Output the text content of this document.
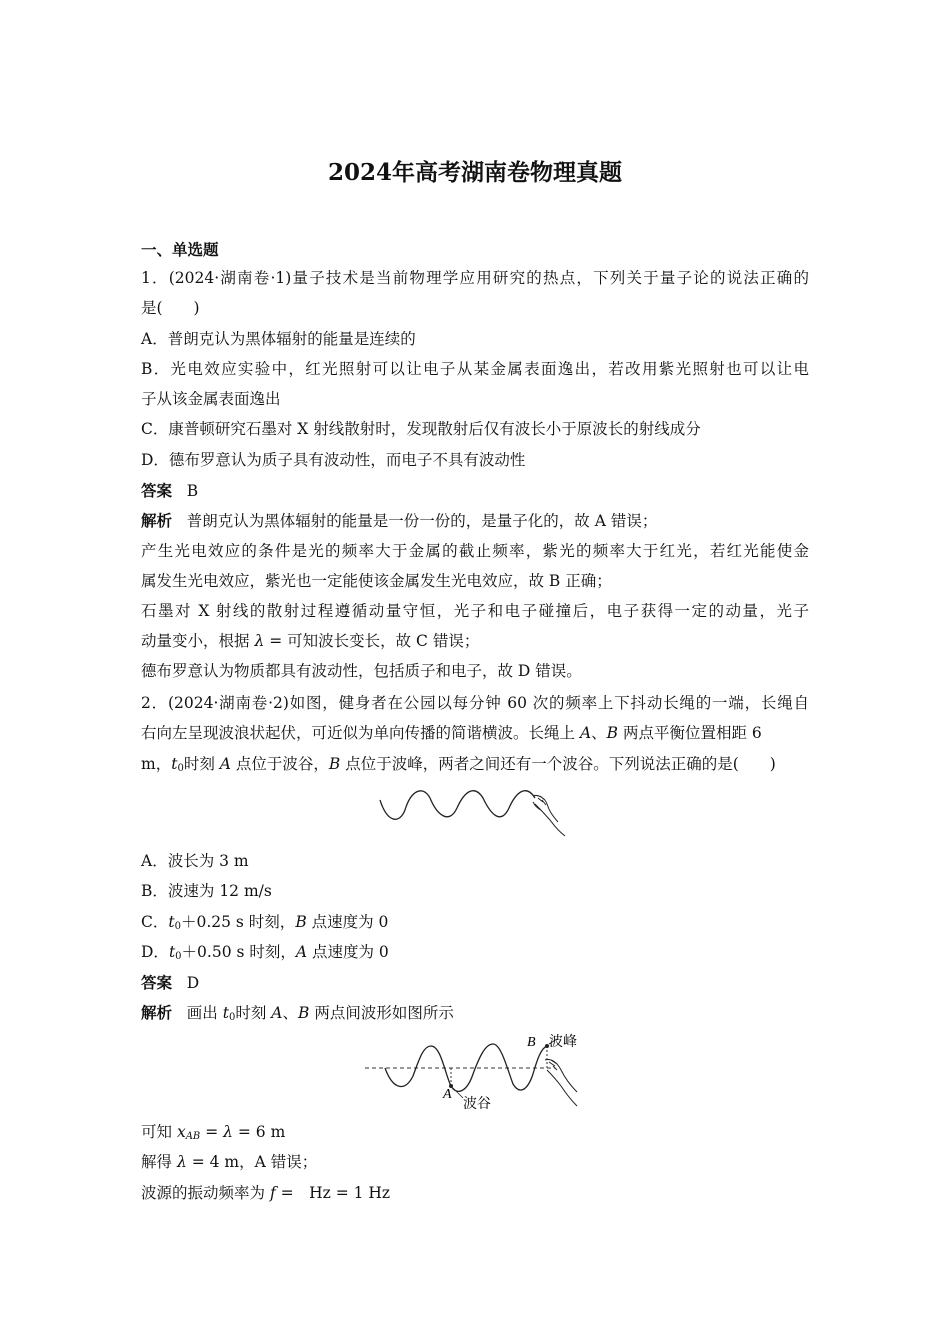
2024年高考湖南卷物理真题
一、单选题
1．(2024·湖南卷·1)量子技术是当前物理学应用研究的热点，下列关于量子论的说法正确的
是(　　)
A．普朗克认为黑体辐射的能量是连续的
B．光电效应实验中，红光照射可以让电子从某金属表面逸出，若改用紫光照射也可以让电
子从该金属表面逸出
C．康普顿研究石墨对 X 射线散射时，发现散射后仅有波长小于原波长的射线成分
D．德布罗意认为质子具有波动性，而电子不具有波动性
答案 B
解析 普朗克认为黑体辐射的能量是一份一份的，是量子化的，故 A 错误；
产生光电效应的条件是光的频率大于金属的截止频率，紫光的频率大于红光，若红光能使金
属发生光电效应，紫光也一定能使该金属发生光电效应，故 B 正确；
石墨对 X 射线的散射过程遵循动量守恒，光子和电子碰撞后，电子获得一定的动量，光子
动量变小，根据 λ = 可知波长变长，故 C 错误；
德布罗意认为物质都具有波动性，包括质子和电子，故 D 错误。
2．(2024·湖南卷·2)如图，健身者在公园以每分钟 60 次的频率上下抖动长绳的一端，长绳自
右向左呈现波浪状起伏，可近似为单向传播的简谐横波。长绳上 A、B 两点平衡位置相距 6
m，$t_0$时刻 A 点位于波谷，B 点位于波峰，两者之间还有一个波谷。下列说法正确的是(　　)
A．波长为 3 m
B．波速为 12 m/s
C．$t_0+0.25$ s 时刻，B 点速度为 0
D．$t_0+0.50$ s 时刻，A 点速度为 0
答案 D
解析 画出 $t_0$时刻 A、B 两点间波形如图所示
B 波峰
A
波谷
可知 $x_{AB} = \lambda = 6$ m
解得 λ = 4 m，A 错误；
波源的振动频率为 f =　Hz = 1 Hz
